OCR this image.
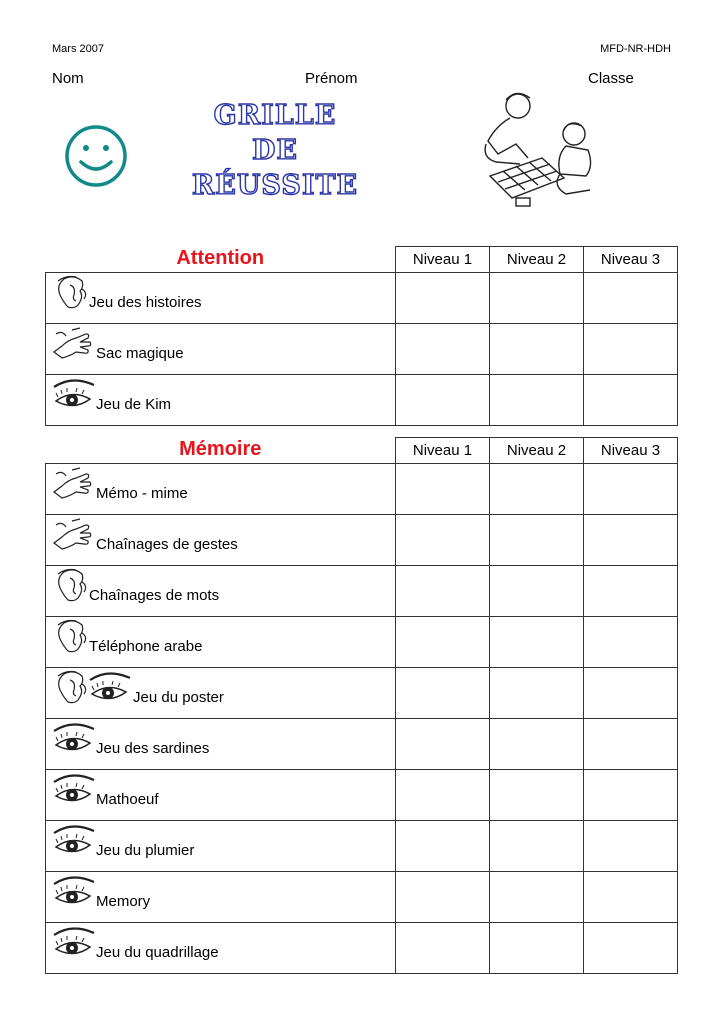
Mars 2007	MFD-NR-HDH
Nom	Prénom	Classe
GRILLE
DE
RÉUSSITE
Attention	Niveau 1	Niveau 2	Niveau 3

Jeu des histoires			

Sac magique			

Jeu de Kim			

Mémoire	Niveau 1	Niveau 2	Niveau 3

Mémo - mime			

Chaînages de gestes			

Chaînages de mots			

Téléphone arabe			

Jeu du poster			

Jeu des sardines			

Mathoeuf			

Jeu du plumier			

Memory			

Jeu du quadrillage			
